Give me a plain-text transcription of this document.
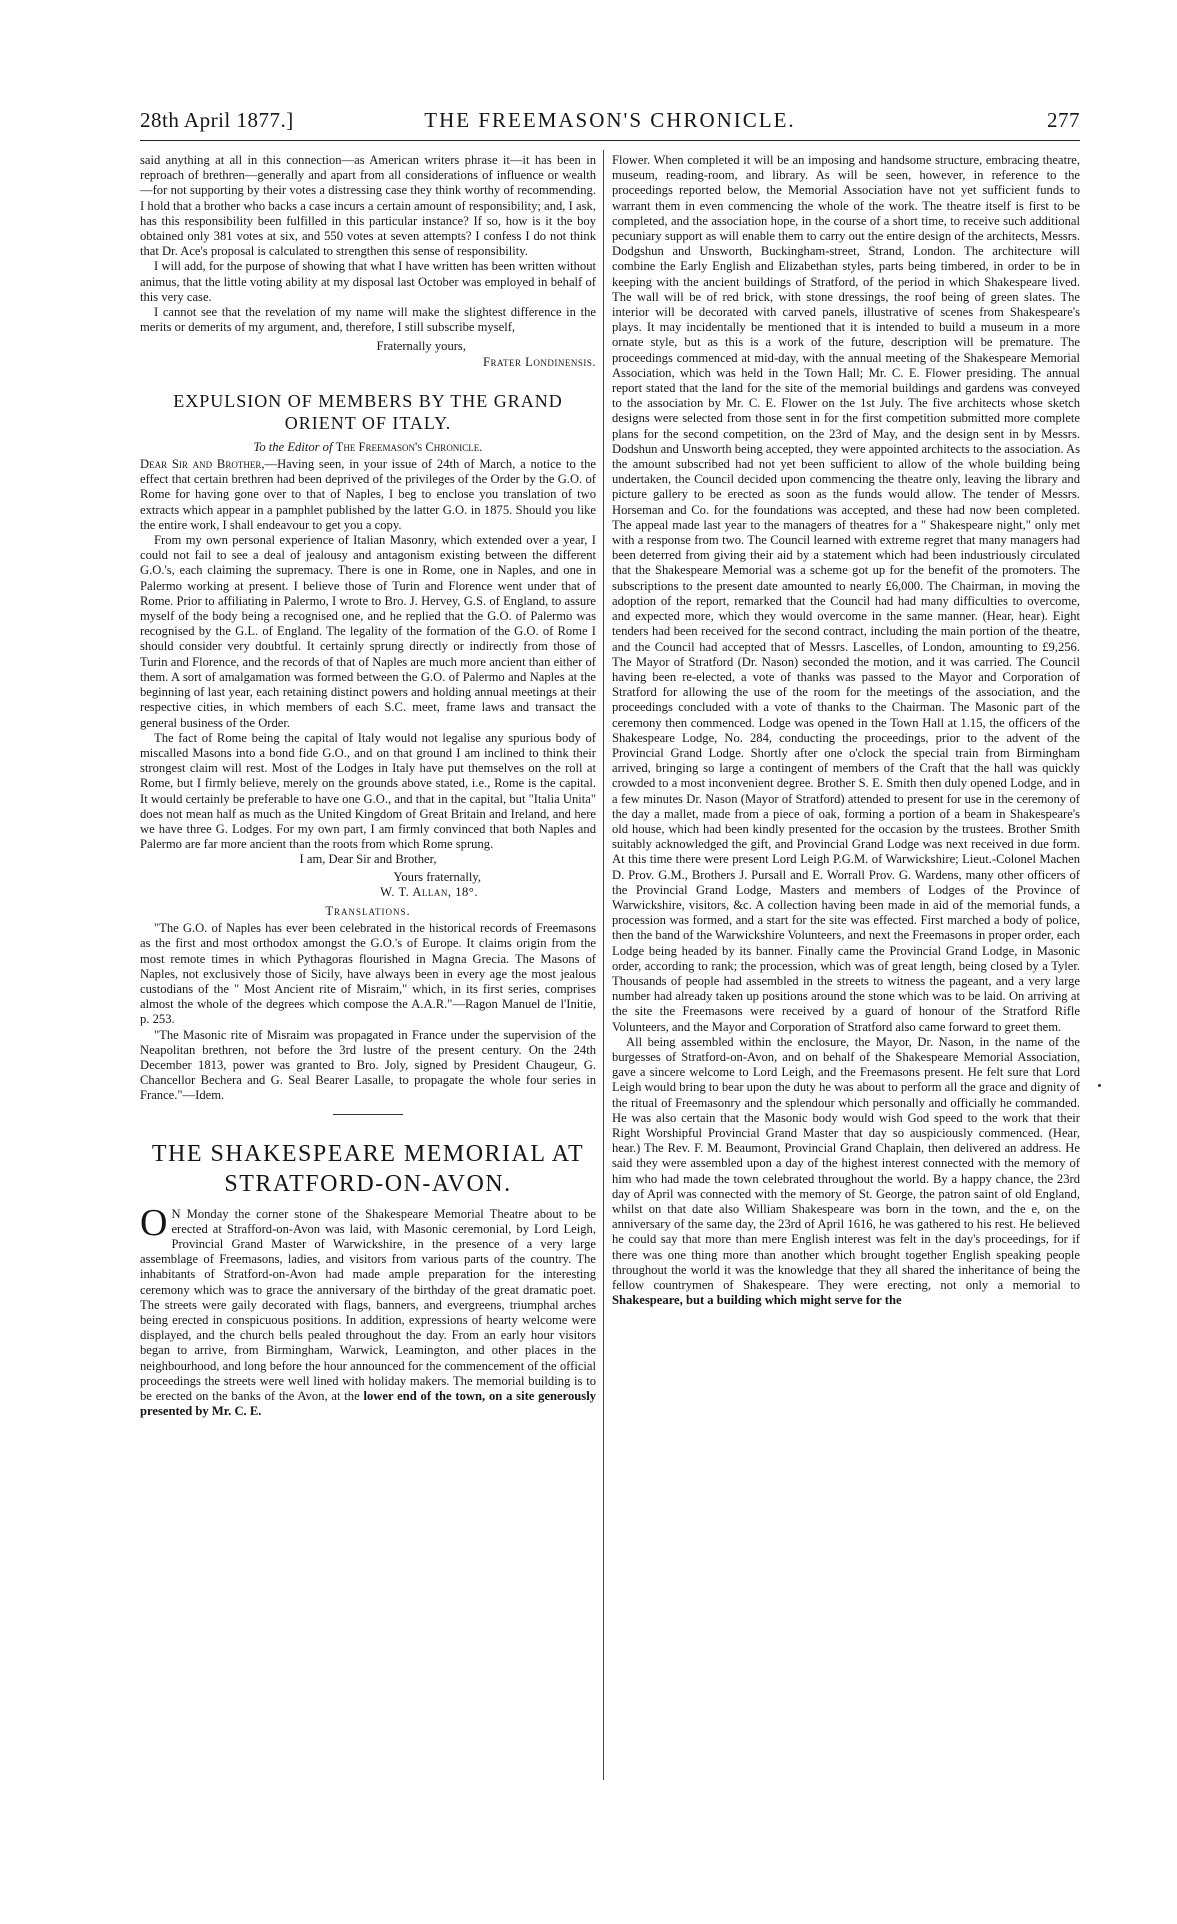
28th April 1877.]	THE FREEMASON'S CHRONICLE.	277

said anything at all in this connection—as American writers phrase it—it has been in reproach of brethren—generally and apart from all considerations of influence or wealth—for not supporting by their votes a distressing case they think worthy of recommending. I hold that a brother who backs a case incurs a certain amount of responsibility; and, I ask, has this responsibility been fulfilled in this particular instance? If so, how is it the boy obtained only 381 votes at six, and 550 votes at seven attempts? I confess I do not think that Dr. Ace's proposal is calculated to strengthen this sense of responsibility.

I will add, for the purpose of showing that what I have written has been written without animus, that the little voting ability at my disposal last October was employed in behalf of this very case.

I cannot see that the revelation of my name will make the slightest difference in the merits or demerits of my argument, and, therefore, I still subscribe myself,

Fraternally yours,

Frater Londinensis.

EXPULSION OF MEMBERS BY THE GRAND ORIENT OF ITALY.

To the Editor of The Freemason's Chronicle.

Dear Sir and Brother,—Having seen, in your issue of 24th of March, a notice to the effect that certain brethren had been deprived of the privileges of the Order by the G.O. of Rome for having gone over to that of Naples, I beg to enclose you translation of two extracts which appear in a pamphlet published by the latter G.O. in 1875. Should you like the entire work, I shall endeavour to get you a copy.

From my own personal experience of Italian Masonry, which extended over a year, I could not fail to see a deal of jealousy and antagonism existing between the different G.O.'s, each claiming the supremacy. There is one in Rome, one in Naples, and one in Palermo working at present. I believe those of Turin and Florence went under that of Rome. Prior to affiliating in Palermo, I wrote to Bro. J. Hervey, G.S. of England, to assure myself of the body being a recognised one, and he replied that the G.O. of Palermo was recognised by the G.L. of England. The legality of the formation of the G.O. of Rome I should consider very doubtful. It certainly sprung directly or indirectly from those of Turin and Florence, and the records of that of Naples are much more ancient than either of them. A sort of amalgamation was formed between the G.O. of Palermo and Naples at the beginning of last year, each retaining distinct powers and holding annual meetings at their respective cities, in which members of each S.C. meet, frame laws and transact the general business of the Order.

The fact of Rome being the capital of Italy would not legalise any spurious body of miscalled Masons into a bond fide G.O., and on that ground I am inclined to think their strongest claim will rest. Most of the Lodges in Italy have put themselves on the roll at Rome, but I firmly believe, merely on the grounds above stated, i.e., Rome is the capital. It would certainly be preferable to have one G.O., and that in the capital, but "Italia Unita" does not mean half as much as the United Kingdom of Great Britain and Ireland, and here we have three G. Lodges. For my own part, I am firmly convinced that both Naples and Palermo are far more ancient than the roots from which Rome sprung.

I am, Dear Sir and Brother,

Yours fraternally,

W. T. Allan, 18°.

Translations.

"The G.O. of Naples has ever been celebrated in the historical records of Freemasons as the first and most orthodox amongst the G.O.'s of Europe. It claims origin from the most remote times in which Pythagoras flourished in Magna Grecia. The Masons of Naples, not exclusively those of Sicily, have always been in every age the most jealous custodians of the " Most Ancient rite of Misraim," which, in its first series, comprises almost the whole of the degrees which compose the A.A.R."—Ragon Manuel de l'Initie, p. 253.

"The Masonic rite of Misraim was propagated in France under the supervision of the Neapolitan brethren, not before the 3rd lustre of the present century. On the 24th December 1813, power was granted to Bro. Joly, signed by President Chaugeur, G. Chancellor Bechera and G. Seal Bearer Lasalle, to propagate the whole four series in France."—Idem.

THE SHAKESPEARE MEMORIAL AT STRATFORD-ON-AVON.

O N Monday the corner stone of the Shakespeare Memorial Theatre about to be erected at Strafford-on-Avon was laid, with Masonic ceremonial, by Lord Leigh, Provincial Grand Master of Warwickshire, in the presence of a very large assemblage of Freemasons, ladies, and visitors from various parts of the country. The inhabitants of Stratford-on-Avon had made ample preparation for the interesting ceremony which was to grace the anniversary of the birthday of the great dramatic poet. The streets were gaily decorated with flags, banners, and evergreens, triumphal arches being erected in conspicuous positions. In addition, expressions of hearty welcome were displayed, and the church bells pealed throughout the day. From an early hour visitors began to arrive, from Birmingham, Warwick, Leamington, and other places in the neighbourhood, and long before the hour announced for the commencement of the official proceedings the streets were well lined with holiday makers. The memorial building is to be erected on the banks of the Avon, at the lower end of the town, on a site generously presented by Mr. C. E.

Flower. When completed it will be an imposing and handsome structure, embracing theatre, museum, reading-room, and library. As will be seen, however, in reference to the proceedings reported below, the Memorial Association have not yet sufficient funds to warrant them in even commencing the whole of the work. The theatre itself is first to be completed, and the association hope, in the course of a short time, to receive such additional pecuniary support as will enable them to carry out the entire design of the architects, Messrs. Dodgshun and Unsworth, Buckingham-street, Strand, London. The architecture will combine the Early English and Elizabethan styles, parts being timbered, in order to be in keeping with the ancient buildings of Stratford, of the period in which Shakespeare lived. The wall will be of red brick, with stone dressings, the roof being of green slates. The interior will be decorated with carved panels, illustrative of scenes from Shakespeare's plays. It may incidentally be mentioned that it is intended to build a museum in a more ornate style, but as this is a work of the future, description will be premature. The proceedings commenced at mid-day, with the annual meeting of the Shakespeare Memorial Association, which was held in the Town Hall; Mr. C. E. Flower presiding. The annual report stated that the land for the site of the memorial buildings and gardens was conveyed to the association by Mr. C. E. Flower on the 1st July. The five architects whose sketch designs were selected from those sent in for the first competition submitted more complete plans for the second competition, on the 23rd of May, and the design sent in by Messrs. Dodshun and Unsworth being accepted, they were appointed architects to the association. As the amount subscribed had not yet been sufficient to allow of the whole building being undertaken, the Council decided upon commencing the theatre only, leaving the library and picture gallery to be erected as soon as the funds would allow. The tender of Messrs. Horseman and Co. for the foundations was accepted, and these had now been completed. The appeal made last year to the managers of theatres for a " Shakespeare night," only met with a response from two. The Council learned with extreme regret that many managers had been deterred from giving their aid by a statement which had been industriously circulated that the Shakespeare Memorial was a scheme got up for the benefit of the promoters. The subscriptions to the present date amounted to nearly £6,000. The Chairman, in moving the adoption of the report, remarked that the Council had had many difficulties to overcome, and expected more, which they would overcome in the same manner. (Hear, hear). Eight tenders had been received for the second contract, including the main portion of the theatre, and the Council had accepted that of Messrs. Lascelles, of London, amounting to £9,256. The Mayor of Stratford (Dr. Nason) seconded the motion, and it was carried. The Council having been re-elected, a vote of thanks was passed to the Mayor and Corporation of Stratford for allowing the use of the room for the meetings of the association, and the proceedings concluded with a vote of thanks to the Chairman. The Masonic part of the ceremony then commenced. Lodge was opened in the Town Hall at 1.15, the officers of the Shakespeare Lodge, No. 284, conducting the proceedings, prior to the advent of the Provincial Grand Lodge. Shortly after one o'clock the special train from Birmingham arrived, bringing so large a contingent of members of the Craft that the hall was quickly crowded to a most inconvenient degree. Brother S. E. Smith then duly opened Lodge, and in a few minutes Dr. Nason (Mayor of Stratford) attended to present for use in the ceremony of the day a mallet, made from a piece of oak, forming a portion of a beam in Shakespeare's old house, which had been kindly presented for the occasion by the trustees. Brother Smith suitably acknowledged the gift, and Provincial Grand Lodge was next received in due form. At this time there were present Lord Leigh P.G.M. of Warwickshire; Lieut.-Colonel Machen D. Prov. G.M., Brothers J. Pursall and E. Worrall Prov. G. Wardens, many other officers of the Provincial Grand Lodge, Masters and members of Lodges of the Province of Warwickshire, visitors, &c. A collection having been made in aid of the memorial funds, a procession was formed, and a start for the site was effected. First marched a body of police, then the band of the Warwickshire Volunteers, and next the Freemasons in proper order, each Lodge being headed by its banner. Finally came the Provincial Grand Lodge, in Masonic order, according to rank; the procession, which was of great length, being closed by a Tyler. Thousands of people had assembled in the streets to witness the pageant, and a very large number had already taken up positions around the stone which was to be laid. On arriving at the site the Freemasons were received by a guard of honour of the Stratford Rifle Volunteers, and the Mayor and Corporation of Stratford also came forward to greet them.

All being assembled within the enclosure, the Mayor, Dr. Nason, in the name of the burgesses of Stratford-on-Avon, and on behalf of the Shakespeare Memorial Association, gave a sincere welcome to Lord Leigh, and the Freemasons present. He felt sure that Lord Leigh would bring to bear upon the duty he was about to perform all the grace and dignity of the ritual of Freemasonry and the splendour which personally and officially he commanded. He was also certain that the Masonic body would wish God speed to the work that their Right Worshipful Provincial Grand Master that day so auspiciously commenced. (Hear, hear.) The Rev. F. M. Beaumont, Provincial Grand Chaplain, then delivered an address. He said they were assembled upon a day of the highest interest connected with the memory of him who had made the town celebrated throughout the world. By a happy chance, the 23rd day of April was connected with the memory of St. George, the patron saint of old England, whilst on that date also William Shakespeare was born in the town, and the e, on the anniversary of the same day, the 23rd of April 1616, he was gathered to his rest. He believed he could say that more than mere English interest was felt in the day's proceedings, for if there was one thing more than another which brought together English speaking people throughout the world it was the knowledge that they all shared the inheritance of being the fellow countrymen of Shakespeare. They were erecting, not only a memorial to Shakespeare, but a building which might serve for the
